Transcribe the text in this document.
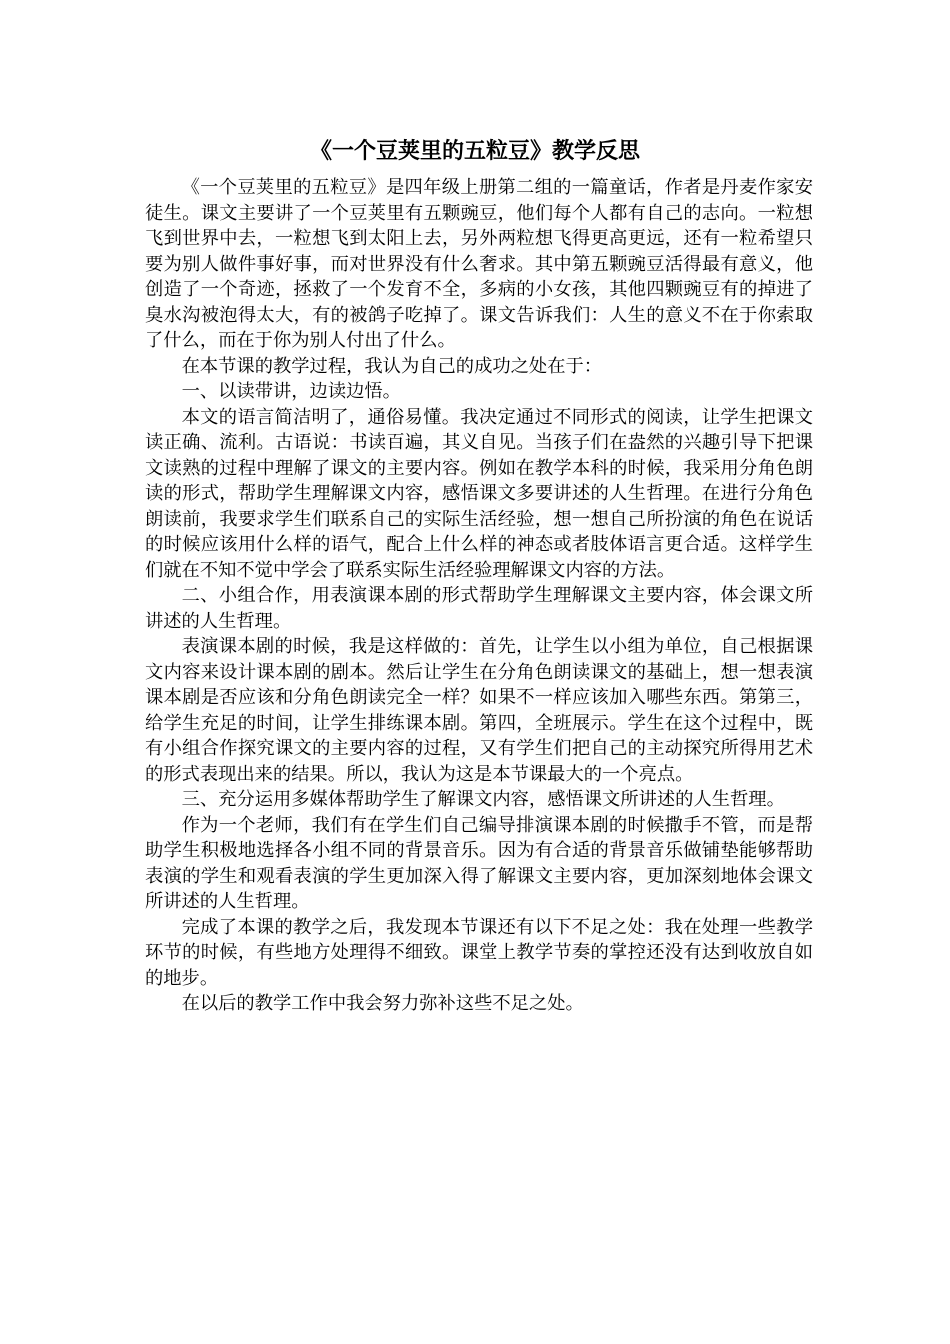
《一个豆荚里的五粒豆》教学反思

《一个豆荚里的五粒豆》是四年级上册第二组的一篇童话，作者是丹麦作家安徒生。课文主要讲了一个豆荚里有五颗豌豆，他们每个人都有自己的志向。一粒想飞到世界中去，一粒想飞到太阳上去，另外两粒想飞得更高更远，还有一粒希望只要为别人做件事好事，而对世界没有什么奢求。其中第五颗豌豆活得最有意义，他创造了一个奇迹，拯救了一个发育不全，多病的小女孩，其他四颗豌豆有的掉进了臭水沟被泡得太大，有的被鸽子吃掉了。课文告诉我们：人生的意义不在于你索取了什么，而在于你为别人付出了什么。

在本节课的教学过程，我认为自己的成功之处在于：

一、以读带讲，边读边悟。

本文的语言简洁明了，通俗易懂。我决定通过不同形式的阅读，让学生把课文读正确、流利。古语说：书读百遍，其义自见。当孩子们在盎然的兴趣引导下把课文读熟的过程中理解了课文的主要内容。例如在教学本科的时候，我采用分角色朗读的形式，帮助学生理解课文内容，感悟课文多要讲述的人生哲理。在进行分角色朗读前，我要求学生们联系自己的实际生活经验，想一想自己所扮演的角色在说话的时候应该用什么样的语气，配合上什么样的神态或者肢体语言更合适。这样学生们就在不知不觉中学会了联系实际生活经验理解课文内容的方法。

二、小组合作，用表演课本剧的形式帮助学生理解课文主要内容，体会课文所讲述的人生哲理。

表演课本剧的时候，我是这样做的：首先，让学生以小组为单位，自己根据课文内容来设计课本剧的剧本。然后让学生在分角色朗读课文的基础上，想一想表演课本剧是否应该和分角色朗读完全一样？如果不一样应该加入哪些东西。第第三，给学生充足的时间，让学生排练课本剧。第四，全班展示。学生在这个过程中，既有小组合作探究课文的主要内容的过程，又有学生们把自己的主动探究所得用艺术的形式表现出来的结果。所以，我认为这是本节课最大的一个亮点。

三、充分运用多媒体帮助学生了解课文内容，感悟课文所讲述的人生哲理。

作为一个老师，我们有在学生们自己编导排演课本剧的时候撒手不管，而是帮助学生积极地选择各小组不同的背景音乐。因为有合适的背景音乐做铺垫能够帮助表演的学生和观看表演的学生更加深入得了解课文主要内容，更加深刻地体会课文所讲述的人生哲理。

完成了本课的教学之后，我发现本节课还有以下不足之处：我在处理一些教学环节的时候，有些地方处理得不细致。课堂上教学节奏的掌控还没有达到收放自如的地步。

在以后的教学工作中我会努力弥补这些不足之处。
